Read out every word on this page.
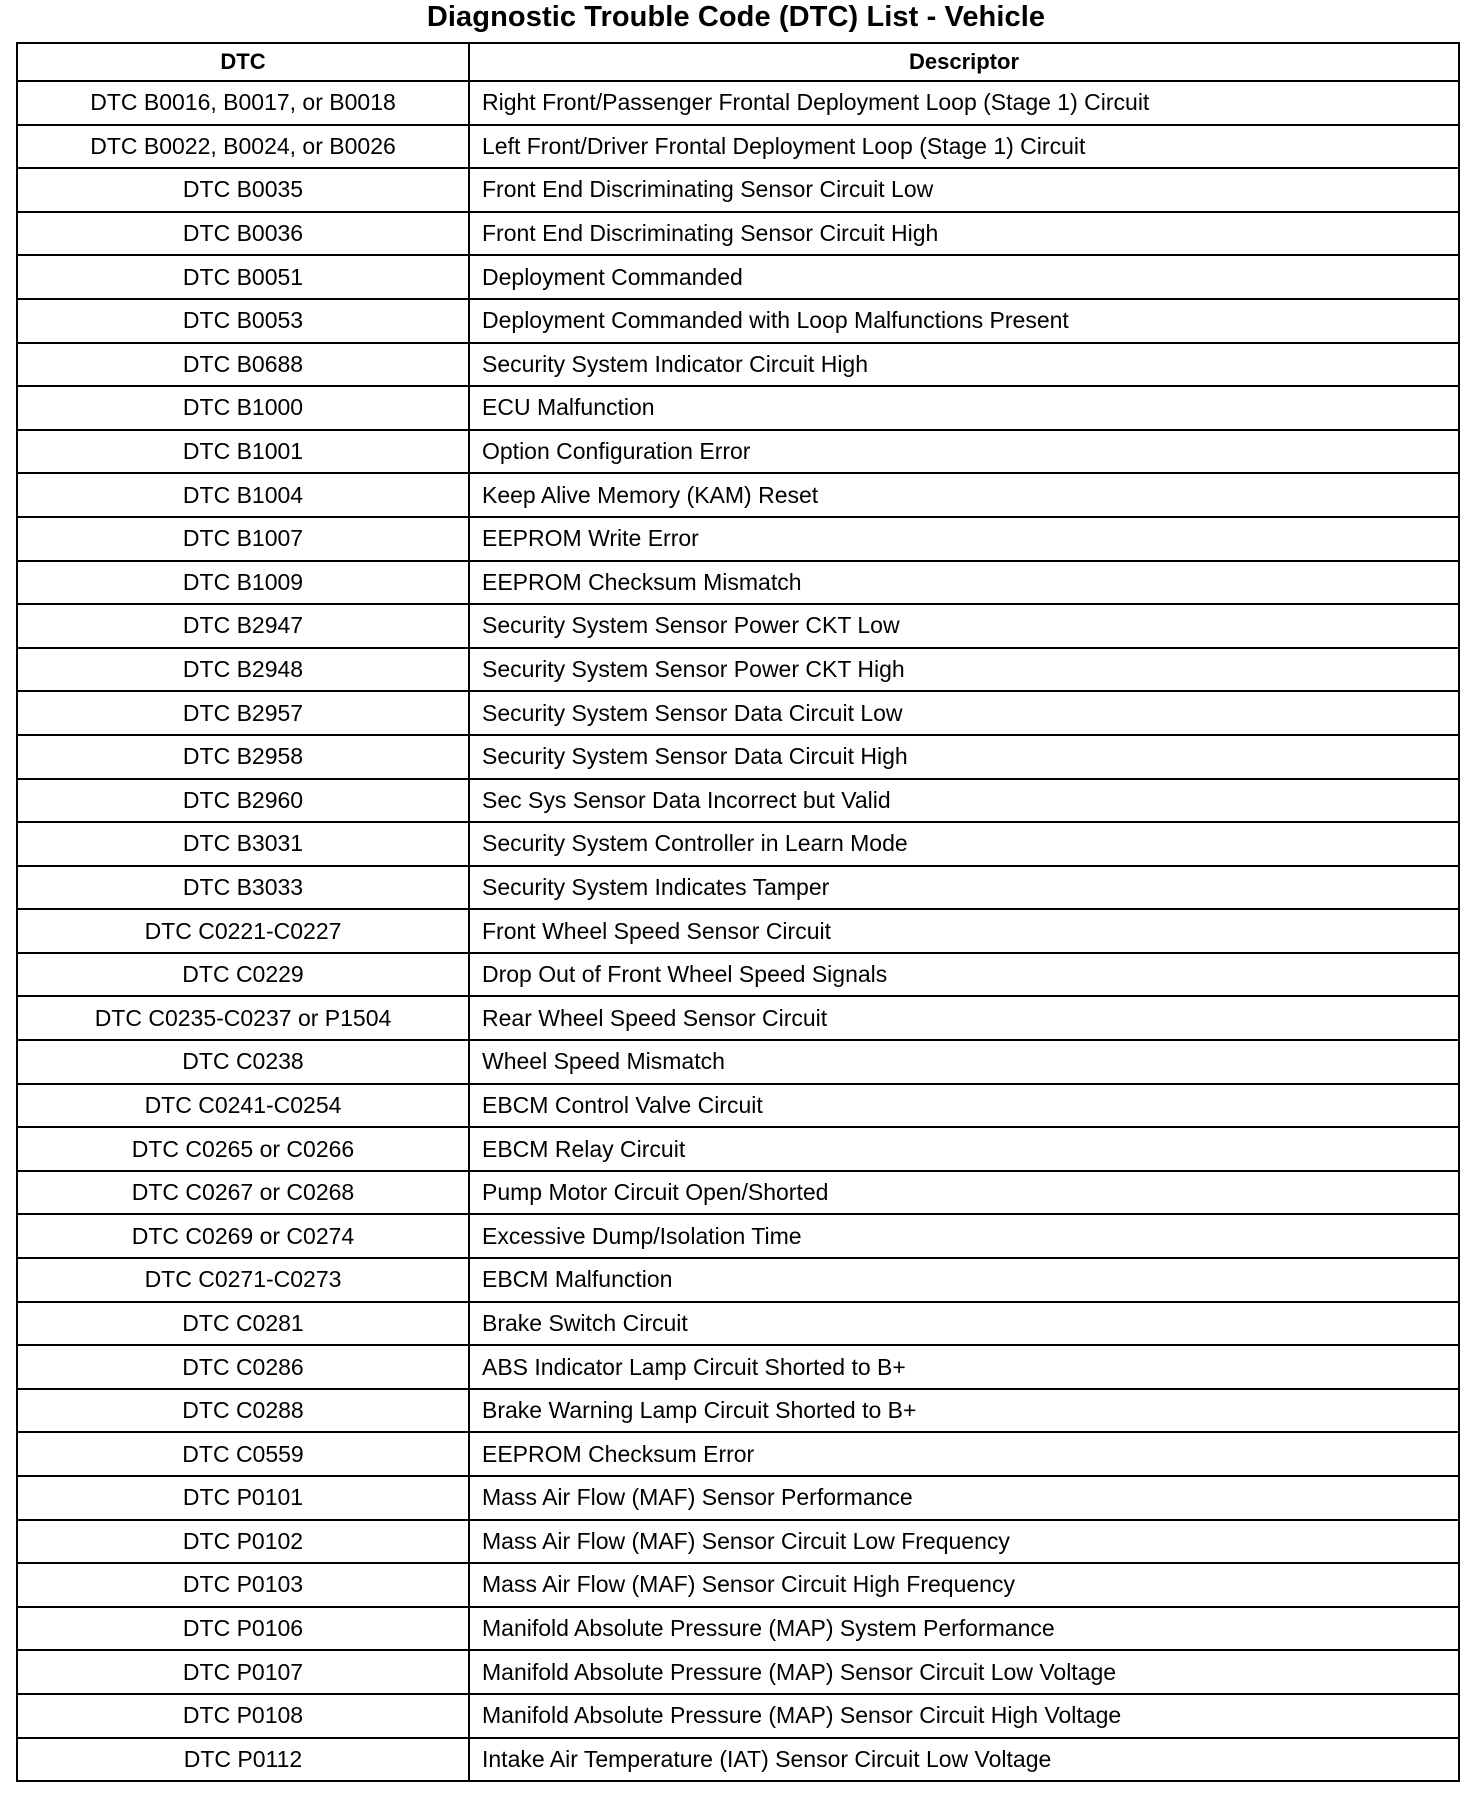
Diagnostic Trouble Code (DTC) List - Vehicle
DTC	Descriptor
DTC B0016, B0017, or B0018	Right Front/Passenger Frontal Deployment Loop (Stage 1) Circuit
DTC B0022, B0024, or B0026	Left Front/Driver Frontal Deployment Loop (Stage 1) Circuit
DTC B0035	Front End Discriminating Sensor Circuit Low
DTC B0036	Front End Discriminating Sensor Circuit High
DTC B0051	Deployment Commanded
DTC B0053	Deployment Commanded with Loop Malfunctions Present
DTC B0688	Security System Indicator Circuit High
DTC B1000	ECU Malfunction
DTC B1001	Option Configuration Error
DTC B1004	Keep Alive Memory (KAM) Reset
DTC B1007	EEPROM Write Error
DTC B1009	EEPROM Checksum Mismatch
DTC B2947	Security System Sensor Power CKT Low
DTC B2948	Security System Sensor Power CKT High
DTC B2957	Security System Sensor Data Circuit Low
DTC B2958	Security System Sensor Data Circuit High
DTC B2960	Sec Sys Sensor Data Incorrect but Valid
DTC B3031	Security System Controller in Learn Mode
DTC B3033	Security System Indicates Tamper
DTC C0221-C0227	Front Wheel Speed Sensor Circuit
DTC C0229	Drop Out of Front Wheel Speed Signals
DTC C0235-C0237 or P1504	Rear Wheel Speed Sensor Circuit
DTC C0238	Wheel Speed Mismatch
DTC C0241-C0254	EBCM Control Valve Circuit
DTC C0265 or C0266	EBCM Relay Circuit
DTC C0267 or C0268	Pump Motor Circuit Open/Shorted
DTC C0269 or C0274	Excessive Dump/Isolation Time
DTC C0271-C0273	EBCM Malfunction
DTC C0281	Brake Switch Circuit
DTC C0286	ABS Indicator Lamp Circuit Shorted to B+
DTC C0288	Brake Warning Lamp Circuit Shorted to B+
DTC C0559	EEPROM Checksum Error
DTC P0101	Mass Air Flow (MAF) Sensor Performance
DTC P0102	Mass Air Flow (MAF) Sensor Circuit Low Frequency
DTC P0103	Mass Air Flow (MAF) Sensor Circuit High Frequency
DTC P0106	Manifold Absolute Pressure (MAP) System Performance
DTC P0107	Manifold Absolute Pressure (MAP) Sensor Circuit Low Voltage
DTC P0108	Manifold Absolute Pressure (MAP) Sensor Circuit High Voltage
DTC P0112	Intake Air Temperature (IAT) Sensor Circuit Low Voltage
